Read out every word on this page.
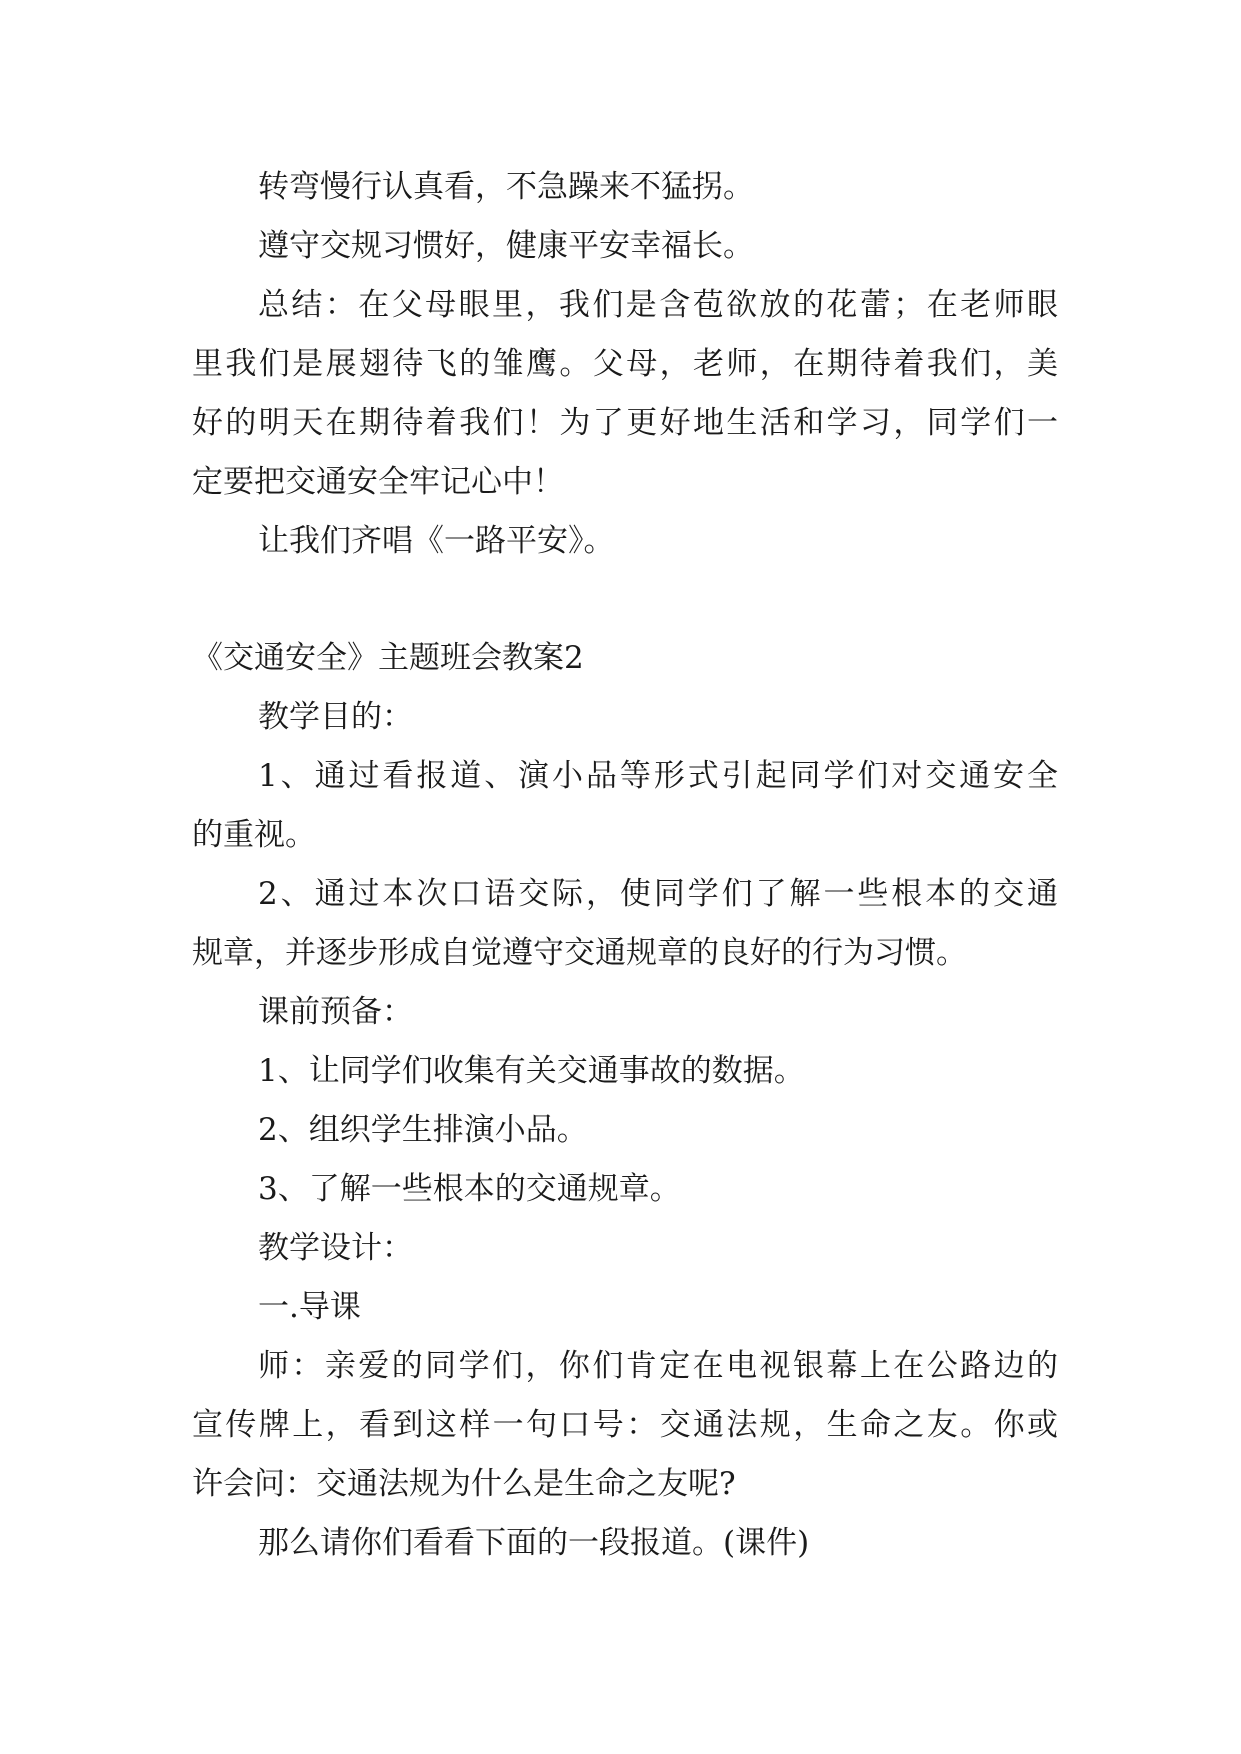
转弯慢行认真看，不急躁来不猛拐。
遵守交规习惯好，健康平安幸福长。
总结：在父母眼里，我们是含苞欲放的花蕾；在老师眼
里我们是展翅待飞的雏鹰。父母，老师，在期待着我们，美
好的明天在期待着我们！为了更好地生活和学习，同学们一
定要把交通安全牢记心中！
让我们齐唱《一路平安》。
《交通安全》主题班会教案2
教学目的：
1、通过看报道、演小品等形式引起同学们对交通安全
的重视。
2、通过本次口语交际，使同学们了解一些根本的交通
规章，并逐步形成自觉遵守交通规章的良好的行为习惯。
课前预备：
1、让同学们收集有关交通事故的数据。
2、组织学生排演小品。
3、了解一些根本的交通规章。
教学设计：
一.导课
师：亲爱的同学们，你们肯定在电视银幕上在公路边的
宣传牌上，看到这样一句口号：交通法规，生命之友。你或
许会问：交通法规为什么是生命之友呢?
那么请你们看看下面的一段报道。(课件)
